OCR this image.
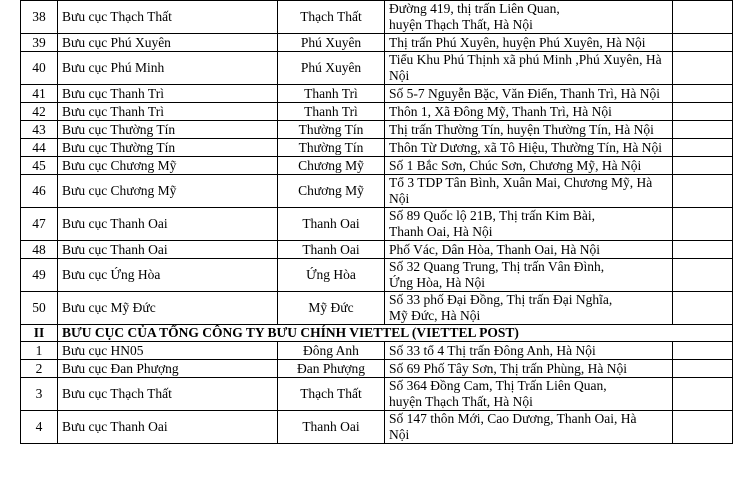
38	Bưu cục Thạch Thất	Thạch Thất	Đường 419, thị trấn Liên Quan,
huyện Thạch Thất, Hà Nội	

39	Bưu cục Phú Xuyên	Phú Xuyên	Thị trấn Phú Xuyên, huyện Phú Xuyên, Hà Nội	

40	Bưu cục Phú Minh	Phú Xuyên	Tiểu Khu Phú Thịnh xã phú Minh ,Phú Xuyên, Hà
Nội	

41	Bưu cục Thanh Trì	Thanh Trì	Số 5-7 Nguyễn Bặc, Văn Điển, Thanh Trì, Hà Nội	

42	Bưu cục Thanh Trì	Thanh Trì	Thôn 1, Xã Đông Mỹ, Thanh Trì, Hà Nội	

43	Bưu cục Thường Tín	Thường Tín	Thị trấn Thường Tín, huyện Thường Tín, Hà Nội	

44	Bưu cục Thường Tín	Thường Tín	Thôn Từ Dương, xã Tô Hiệu, Thường Tín, Hà Nội	

45	Bưu cục Chương Mỹ	Chương Mỹ	Số 1 Bắc Sơn, Chúc Sơn, Chương Mỹ, Hà Nội	

46	Bưu cục Chương Mỹ	Chương Mỹ	Tổ 3 TDP Tân Bình, Xuân Mai, Chương Mỹ, Hà
Nội	

47	Bưu cục Thanh Oai	Thanh Oai	Số 89 Quốc lộ 21B, Thị trấn Kim Bài,
Thanh Oai, Hà Nội	

48	Bưu cục Thanh Oai	Thanh Oai	Phố Vác, Dân Hòa, Thanh Oai, Hà Nội	

49	Bưu cục Ứng Hòa	Ứng Hòa	Số 32 Quang Trung, Thị trấn Vân Đình,
Ứng Hòa, Hà Nội	

50	Bưu cục Mỹ Đức	Mỹ Đức	Số 33 phố Đại Đồng, Thị trấn Đại Nghĩa,
Mỹ Đức, Hà Nội	

II	BƯU CỤC CỦA TỔNG CÔNG TY BƯU CHÍNH VIETTEL (VIETTEL POST)			
1	Bưu cục HN05	Đông Anh	Số 33 tổ 4 Thị trấn Đông Anh, Hà Nội	

2	Bưu cục Đan Phượng	Đan Phượng	Số 69 Phố Tây Sơn, Thị trấn Phùng, Hà Nội	

3	Bưu cục Thạch Thất	Thạch Thất	Số 364 Đồng Cam, Thị Trấn Liên Quan,
huyện Thạch Thất, Hà Nội	

4	Bưu cục Thanh Oai	Thanh Oai	Số 147 thôn Mới, Cao Dương, Thanh Oai, Hà
Nội	
